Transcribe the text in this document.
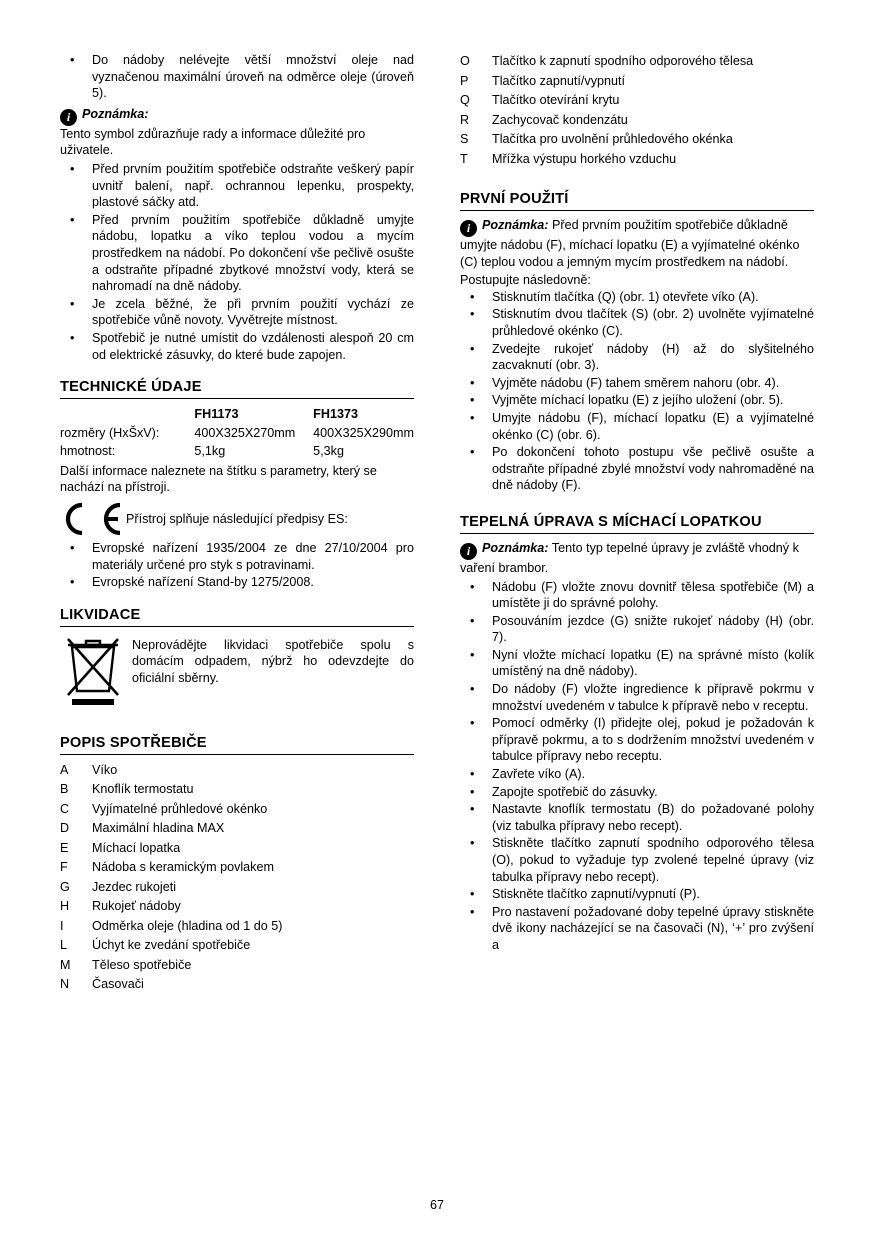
• Do nádoby nelévejte větší množství oleje nad vyznačenou maximální úroveň na odměrce oleje (úroveň 5).
i Poznámka:
Tento symbol zdůrazňuje rady a informace důležité pro uživatele.
• Před prvním použitím spotřebiče odstraňte veškerý papír uvnitř balení, např. ochrannou lepenku, prospekty, plastové sáčky atd.
• Před prvním použitím spotřebiče důkladně umyjte nádobu, lopatku a víko teplou vodou a mycím prostředkem na nádobí. Po dokončení vše pečlivě osušte a odstraňte případné zbytkové množství vody, která se nahromadí na dně nádoby.
• Je zcela běžné, že při prvním použití vychází ze spotřebiče vůně novoty. Vyvětrejte místnost.
• Spotřebič je nutné umístit do vzdálenosti alespoň 20 cm od elektrické zásuvky, do které bude zapojen.
TECHNICKÉ ÚDAJE
	FH1173	FH1373
rozměry (HxŠxV):	400X325X270mm	400X325X290mm
hmotnost:	5,1kg	5,3kg
Další informace naleznete na štítku s parametry, který se nachází na přístroji.
Přístroj splňuje následující předpisy ES:
• Evropské nařízení 1935/2004 ze dne 27/10/2004 pro materiály určené pro styk s potravinami.
• Evropské nařízení Stand-by 1275/2008.
LIKVIDACE
Neprovádějte likvidaci spotřebiče spolu s domácím odpadem, nýbrž ho odevzdejte do oficiální sběrny.
POPIS SPOTŘEBIČE
A	Víko
B	Knoflík termostatu
C	Vyjímatelné průhledové okénko
D	Maximální hladina MAX
E	Míchací lopatka
F	Nádoba s keramickým povlakem
G	Jezdec rukojeti
H	Rukojeť nádoby
I	Odměrka oleje (hladina od 1 do 5)
L	Úchyt ke zvedání spotřebiče
M	Těleso spotřebiče
N	Časovači
O	Tlačítko k zapnutí spodního odporového tělesa
P	Tlačítko zapnutí/vypnutí
Q	Tlačítko otevírání krytu
R	Zachycovač kondenzátu
S	Tlačítka pro uvolnění průhledového okénka
T	Mřížka výstupu horkého vzduchu
PRVNÍ POUŽITÍ
i Poznámka: Před prvním použitím spotřebiče důkladně umyjte nádobu (F), míchací lopatku (E) a vyjímatelné okénko (C) teplou vodou a jemným mycím prostředkem na nádobí.
Postupujte následovně:
• Stisknutím tlačítka (Q) (obr. 1) otevřete víko (A).
• Stisknutím dvou tlačítek (S) (obr. 2) uvolněte vyjímatelné průhledové okénko (C).
• Zvedejte rukojeť nádoby (H) až do slyšitelného zacvaknutí (obr. 3).
• Vyjměte nádobu (F) tahem směrem nahoru (obr. 4).
• Vyjměte míchací lopatku (E) z jejího uložení (obr. 5).
• Umyjte nádobu (F), míchací lopatku (E) a vyjímatelné okénko (C) (obr. 6).
• Po dokončení tohoto postupu vše pečlivě osušte a odstraňte případné zbylé množství vody nahromaděné na dně nádoby (F).
TEPELNÁ ÚPRAVA S MÍCHACÍ LOPATKOU
i Poznámka: Tento typ tepelné úpravy je zvláště vhodný k vaření brambor.
• Nádobu (F) vložte znovu dovnitř tělesa spotřebiče (M) a umístěte ji do správné polohy.
• Posouváním jezdce (G) snižte rukojeť nádoby (H) (obr. 7).
• Nyní vložte míchací lopatku (E) na správné místo (kolík umístěný na dně nádoby).
• Do nádoby (F) vložte ingredience k přípravě pokrmu v množství uvedeném v tabulce k přípravě nebo v receptu.
• Pomocí odměrky (I) přidejte olej, pokud je požadován k přípravě pokrmu, a to s dodržením množství uvedeném v tabulce přípravy nebo receptu.
• Zavřete víko (A).
• Zapojte spotřebič do zásuvky.
• Nastavte knoflík termostatu (B) do požadované polohy (viz tabulka přípravy nebo recept).
• Stiskněte tlačítko zapnutí spodního odporového tělesa (O), pokud to vyžaduje typ zvolené tepelné úpravy (viz tabulka přípravy nebo recept).
• Stiskněte tlačítko zapnutí/vypnutí (P).
• Pro nastavení požadované doby tepelné úpravy stiskněte dvě ikony nacházející se na časovači (N), ‘+’ pro zvýšení a
67
